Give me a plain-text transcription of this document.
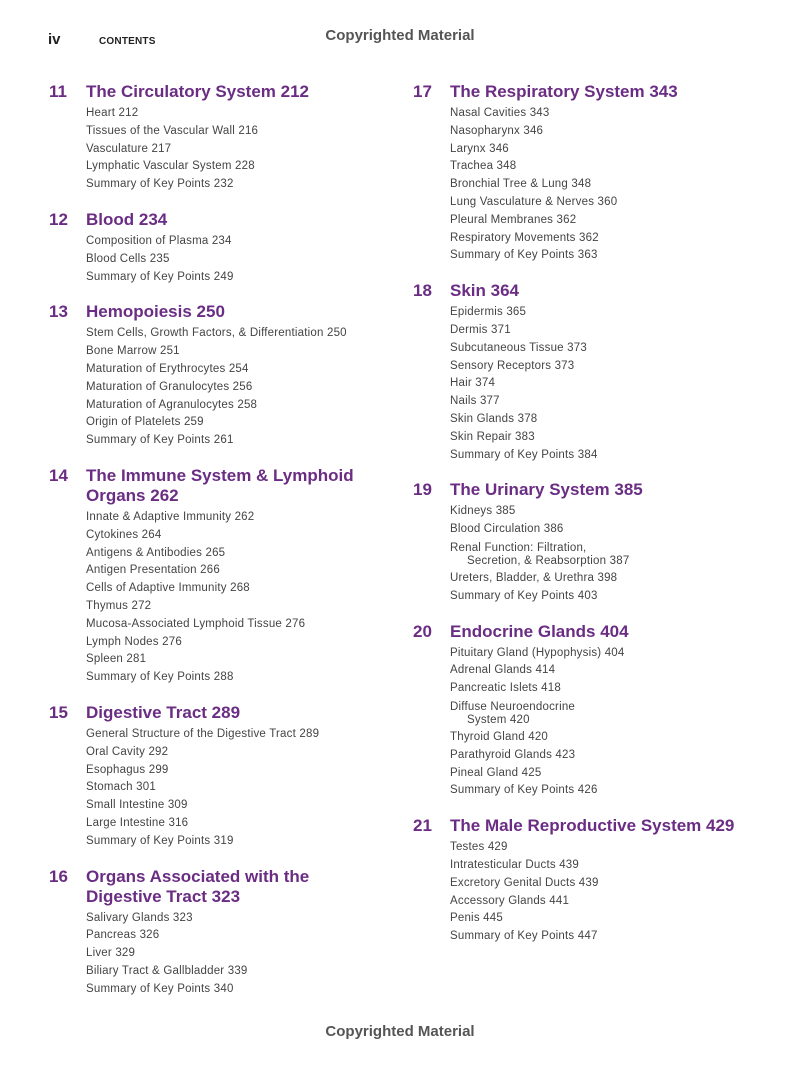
iv	CONTENTS	Copyrighted Material
11	The Circulatory System 212
Heart 212
Tissues of the Vascular Wall 216
Vasculature 217
Lymphatic Vascular System 228
Summary of Key Points 232
12	Blood 234
Composition of Plasma 234
Blood Cells 235
Summary of Key Points 249
13	Hemopoiesis 250
Stem Cells, Growth Factors, & Differentiation 250
Bone Marrow 251
Maturation of Erythrocytes 254
Maturation of Granulocytes 256
Maturation of Agranulocytes 258
Origin of Platelets 259
Summary of Key Points 261
14	The Immune System & Lymphoid
Organs 262
Innate & Adaptive Immunity 262
Cytokines 264
Antigens & Antibodies 265
Antigen Presentation 266
Cells of Adaptive Immunity 268
Thymus 272
Mucosa-Associated Lymphoid Tissue 276
Lymph Nodes 276
Spleen 281
Summary of Key Points 288
15	Digestive Tract 289
General Structure of the Digestive Tract 289
Oral Cavity 292
Esophagus 299
Stomach 301
Small Intestine 309
Large Intestine 316
Summary of Key Points 319
16	Organs Associated with the
Digestive Tract 323
Salivary Glands 323
Pancreas 326
Liver 329
Biliary Tract & Gallbladder 339
Summary of Key Points 340
17	The Respiratory System 343
Nasal Cavities 343
Nasopharynx 346
Larynx 346
Trachea 348
Bronchial Tree & Lung 348
Lung Vasculature & Nerves 360
Pleural Membranes 362
Respiratory Movements 362
Summary of Key Points 363
18	Skin 364
Epidermis 365
Dermis 371
Subcutaneous Tissue 373
Sensory Receptors 373
Hair 374
Nails 377
Skin Glands 378
Skin Repair 383
Summary of Key Points 384
19	The Urinary System 385
Kidneys 385
Blood Circulation 386
Renal Function: Filtration,
Secretion, & Reabsorption 387
Ureters, Bladder, & Urethra 398
Summary of Key Points 403
20	Endocrine Glands 404
Pituitary Gland (Hypophysis) 404
Adrenal Glands 414
Pancreatic Islets 418
Diffuse Neuroendocrine
System 420
Thyroid Gland 420
Parathyroid Glands 423
Pineal Gland 425
Summary of Key Points 426
21	The Male Reproductive System 429
Testes 429
Intratesticular Ducts 439
Excretory Genital Ducts 439
Accessory Glands 441
Penis 445
Summary of Key Points 447
Copyrighted Material
